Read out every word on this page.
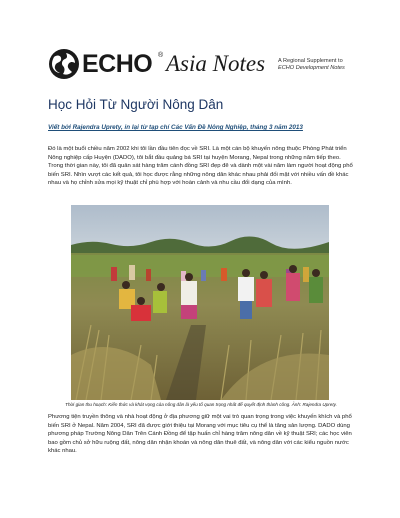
ECHO ® Asia Notes A Regional Supplement to
ECHO Development Notes
Học Hỏi Từ Người Nông Dân

Viết bởi Rajendra Uprety, in lại từ tạp chí Các Vấn Đề Nông Nghiệp, tháng 3 năm 2013

Đó là một buổi chiều năm 2002 khi tôi lần đầu tiên đọc về SRI. Là một cán bộ khuyến nông thuộc Phòng Phát triển Nông nghiệp cấp Huyện (DADO), tôi bắt đầu quảng bá SRI tại huyện Morang, Nepal trong những năm tiếp theo. Trong thời gian này, tôi đã quản sát hàng trăm cánh đồng SRI đẹp đẽ và dành một vài năm làm người hoạt động phổ biến SRI. Nhìn vượt các kết quả, tôi học được rằng những nông dân khác nhau phải đối mặt với nhiều vấn đề khác nhau và họ chỉnh sửa mọi kỹ thuật chỉ phù hợp với hoàn cảnh và nhu cầu đối dạng của mình.

Thời gian thu hoạch: Kiến thức và khát vọng của nông dân là yếu tố quan trọng nhất để quyết định thành công. Ảnh: Rajendra Uprety.

Phương tiện truyền thông và nhà hoạt động ở địa phương giữ một vai trò quan trọng trong việc khuyến khích và phổ biến SRI ở Nepal. Năm 2004, SRI đã được giới thiệu tại Morang với mục tiêu cụ thể là tăng sản lượng. DADO dùng phương pháp Trường Nông Dân Trên Cánh Đồng để tập huấn chỉ hàng trăm nông dân về kỹ thuật SRI; các học viên bao gồm chủ sở hữu ruộng đất, nông dân nhận khoán và nông dân thuê đất, và nông dân với các kiểu nguồn nước khác nhau.
